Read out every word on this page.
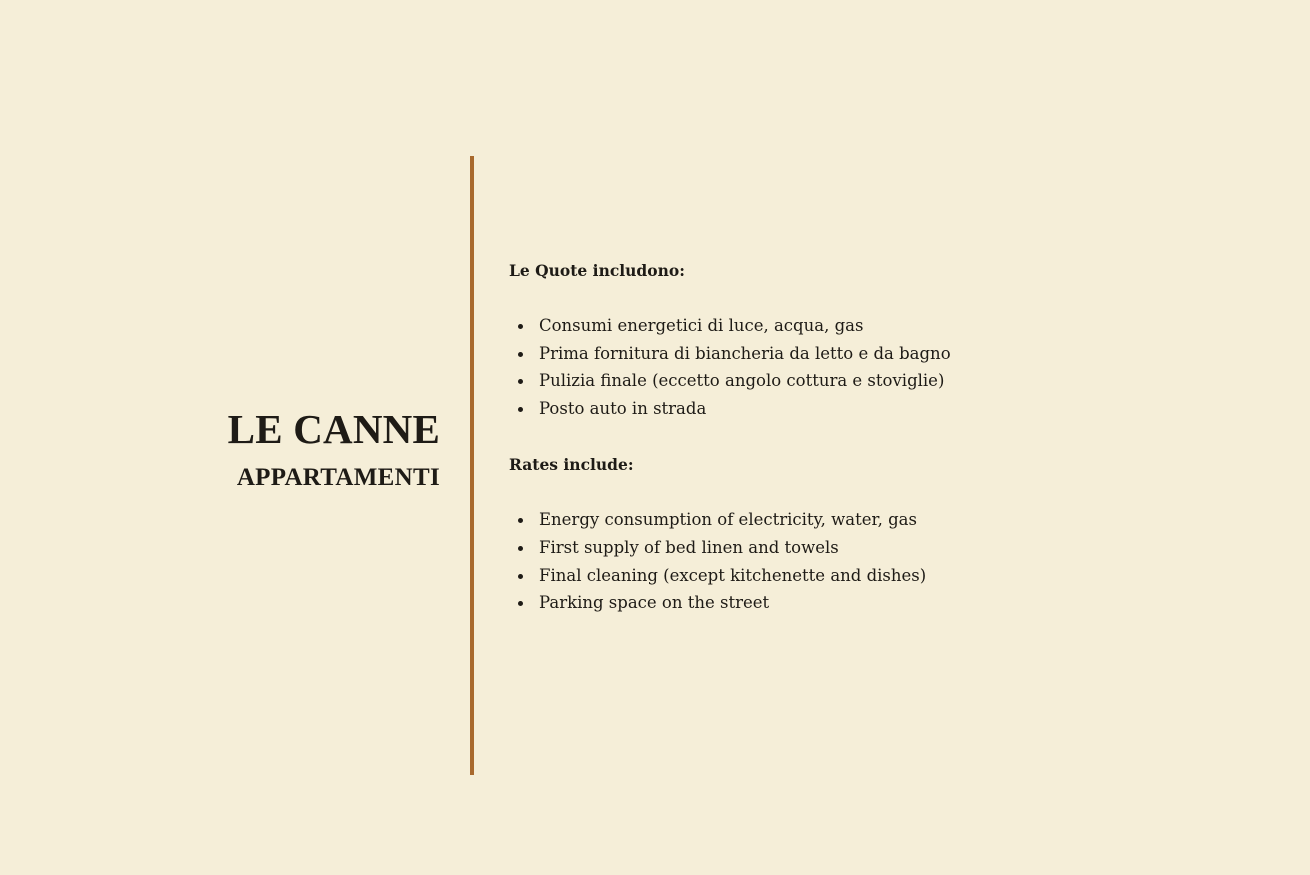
LE CANNE
APPARTAMENTI
Le Quote includono:
Consumi energetici di luce, acqua, gas
Prima fornitura di biancheria da letto e da bagno
Pulizia finale (eccetto angolo cottura e stoviglie)
Posto auto in strada
Rates include:
Energy consumption of electricity, water, gas
First supply of bed linen and towels
Final cleaning (except kitchenette and dishes)
Parking space on the street
